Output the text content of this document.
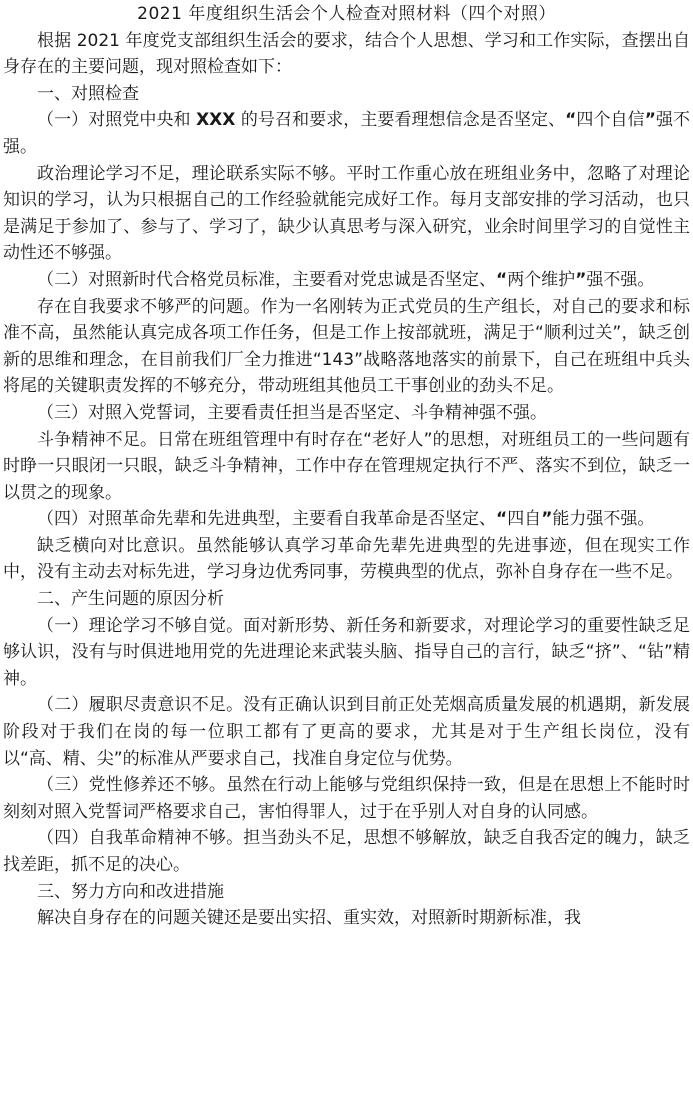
2021 年度组织生活会个人检查对照材料（四个对照）

根据 2021 年度党支部组织生活会的要求，结合个人思想、学习和工作实际，查摆出自身存在的主要问题，现对照检查如下：

一、对照检查

（一）对照党中央和 XXX 的号召和要求，主要看理想信念是否坚定、“四个自信”强不强。

政治理论学习不足，理论联系实际不够。平时工作重心放在班组业务中，忽略了对理论知识的学习，认为只根据自己的工作经验就能完成好工作。每月支部安排的学习活动，也只是满足于参加了、参与了、学习了，缺少认真思考与深入研究，业余时间里学习的自觉性主动性还不够强。

（二）对照新时代合格党员标准，主要看对党忠诚是否坚定、“两个维护”强不强。

存在自我要求不够严的问题。作为一名刚转为正式党员的生产组长，对自己的要求和标准不高，虽然能认真完成各项工作任务，但是工作上按部就班，满足于“顺利过关”，缺乏创新的思维和理念，在目前我们厂全力推进“143”战略落地落实的前景下，自己在班组中兵头将尾的关键职责发挥的不够充分，带动班组其他员工干事创业的劲头不足。

（三）对照入党誓词，主要看责任担当是否坚定、斗争精神强不强。

斗争精神不足。日常在班组管理中有时存在“老好人”的思想，对班组员工的一些问题有时睁一只眼闭一只眼，缺乏斗争精神，工作中存在管理规定执行不严、落实不到位，缺乏一以贯之的现象。

（四）对照革命先辈和先进典型，主要看自我革命是否坚定、“四自”能力强不强。

缺乏横向对比意识。虽然能够认真学习革命先辈先进典型的先进事迹，但在现实工作中，没有主动去对标先进，学习身边优秀同事，劳模典型的优点，弥补自身存在一些不足。

二、产生问题的原因分析

（一）理论学习不够自觉。面对新形势、新任务和新要求，对理论学习的重要性缺乏足够认识，没有与时俱进地用党的先进理论来武装头脑、指导自己的言行，缺乏“挤”、“钻”精神。

（二）履职尽责意识不足。没有正确认识到目前正处芜烟高质量发展的机遇期，新发展阶段对于我们在岗的每一位职工都有了更高的要求，尤其是对于生产组长岗位，没有以“高、精、尖”的标准从严要求自己，找准自身定位与优势。

（三）党性修养还不够。虽然在行动上能够与党组织保持一致，但是在思想上不能时时刻刻对照入党誓词严格要求自己，害怕得罪人，过于在乎别人对自身的认同感。

（四）自我革命精神不够。担当劲头不足，思想不够解放，缺乏自我否定的魄力，缺乏找差距，抓不足的决心。

三、努力方向和改进措施

解决自身存在的问题关键还是要出实招、重实效，对照新时期新标准，我
